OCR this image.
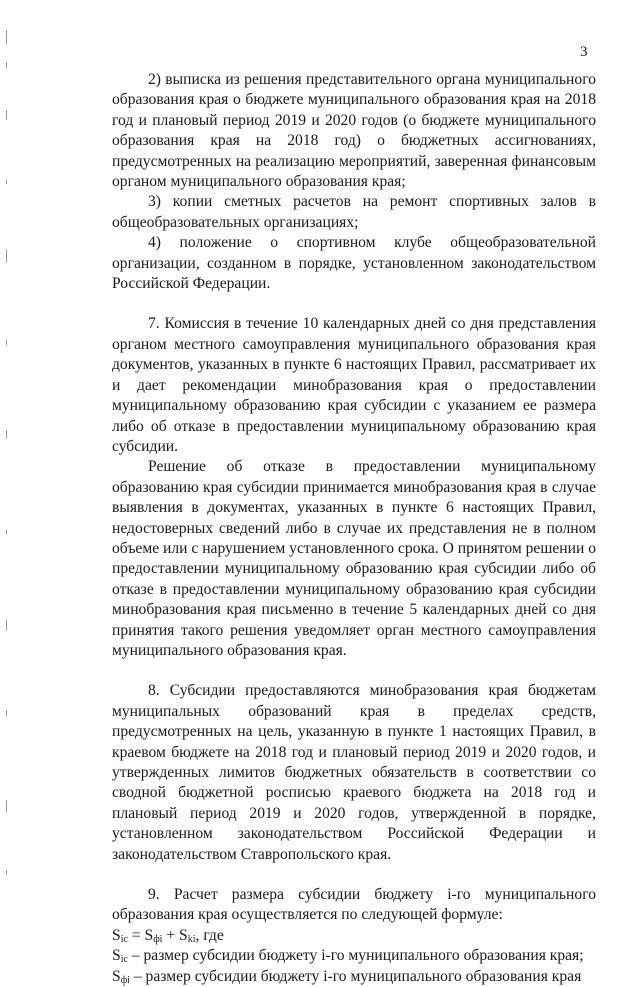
3

2) выписка из решения представительного органа муниципального образования края о бюджете муниципального образования края на 2018 год и плановый период 2019 и 2020 годов (о бюджете муниципального образования края на 2018 год) о бюджетных ассигнованиях, предусмотренных на реализацию мероприятий, заверенная финансовым органом муниципального образования края;

3) копии сметных расчетов на ремонт спортивных залов в общеобразовательных организациях;

4) положение о спортивном клубе общеобразовательной организации, созданном в порядке, установленном законодательством Российской Федерации.

7. Комиссия в течение 10 календарных дней со дня представления органом местного самоуправления муниципального образования края документов, указанных в пункте 6 настоящих Правил, рассматривает их и дает рекомендации минобразования края о предоставлении муниципальному образованию края субсидии с указанием ее размера либо об отказе в предоставлении муниципальному образованию края субсидии.

Решение об отказе в предоставлении муниципальному образованию края субсидии принимается минобразования края в случае выявления в документах, указанных в пункте 6 настоящих Правил, недостоверных сведений либо в случае их представления не в полном объеме или с нарушением установленного срока. О принятом решении о предоставлении муниципальному образованию края субсидии либо об отказе в предоставлении муниципальному образованию края субсидии минобразования края письменно в течение 5 календарных дней со дня принятия такого решения уведомляет орган местного самоуправления муниципального образования края.

8. Субсидии предоставляются минобразования края бюджетам муниципальных образований края в пределах средств, предусмотренных на цель, указанную в пункте 1 настоящих Правил, в краевом бюджете на 2018 год и плановый период 2019 и 2020 годов, и утвержденных лимитов бюджетных обязательств в соответствии со сводной бюджетной росписью краевого бюджета на 2018 год и плановый период 2019 и 2020 годов, утвержденной в порядке, установленном законодательством Российской Федерации и законодательством Ставропольского края.

9. Расчет размера субсидии бюджету i-го муниципального образования края осуществляется по следующей формуле:

$S_{ic} = S_{фi} + S_{ki}$, где

$S_{ic}$ – размер субсидии бюджету i-го муниципального образования края;

$S_{фi}$ – размер субсидии бюджету i-го муниципального образования края
